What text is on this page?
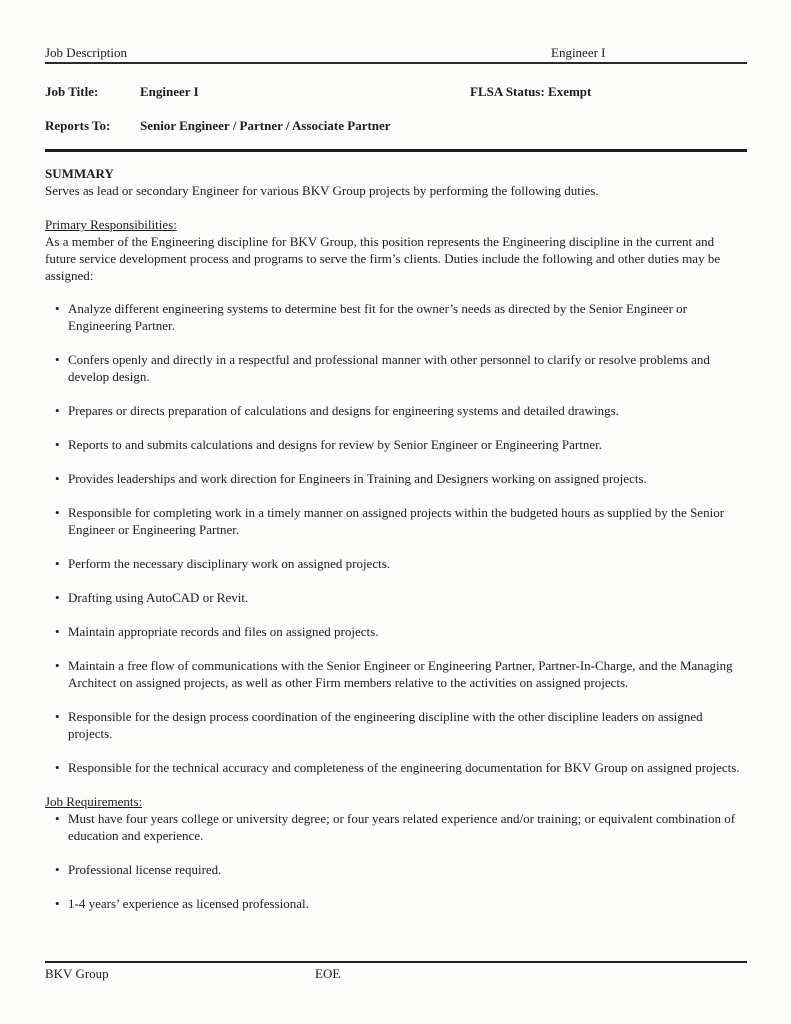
Job Description	Engineer I
Job Title:	Engineer I	FLSA Status: Exempt
Reports To: Senior Engineer / Partner / Associate Partner

SUMMARY

Serves as lead or secondary Engineer for various BKV Group projects by performing the following duties.

Primary Responsibilities:

As a member of the Engineering discipline for BKV Group, this position represents the Engineering discipline in the current and future service development process and programs to serve the firm’s clients. Duties include the following and other duties may be assigned:

• Analyze different engineering systems to determine best fit for the owner’s needs as directed by the Senior Engineer or Engineering Partner.
• Confers openly and directly in a respectful and professional manner with other personnel to clarify or resolve problems and develop design.
• Prepares or directs preparation of calculations and designs for engineering systems and detailed drawings.
• Reports to and submits calculations and designs for review by Senior Engineer or Engineering Partner.
• Provides leaderships and work direction for Engineers in Training and Designers working on assigned projects.
• Responsible for completing work in a timely manner on assigned projects within the budgeted hours as supplied by the Senior Engineer or Engineering Partner.
• Perform the necessary disciplinary work on assigned projects.
• Drafting using AutoCAD or Revit.
• Maintain appropriate records and files on assigned projects.
• Maintain a free flow of communications with the Senior Engineer or Engineering Partner, Partner-In-Charge, and the Managing Architect on assigned projects, as well as other Firm members relative to the activities on assigned projects.
• Responsible for the design process coordination of the engineering discipline with the other discipline leaders on assigned projects.
• Responsible for the technical accuracy and completeness of the engineering documentation for BKV Group on assigned projects.

Job Requirements:

• Must have four years college or university degree; or four years related experience and/or training; or equivalent combination of education and experience.
• Professional license required.
• 1-4 years’ experience as licensed professional.
BKV Group	EOE
